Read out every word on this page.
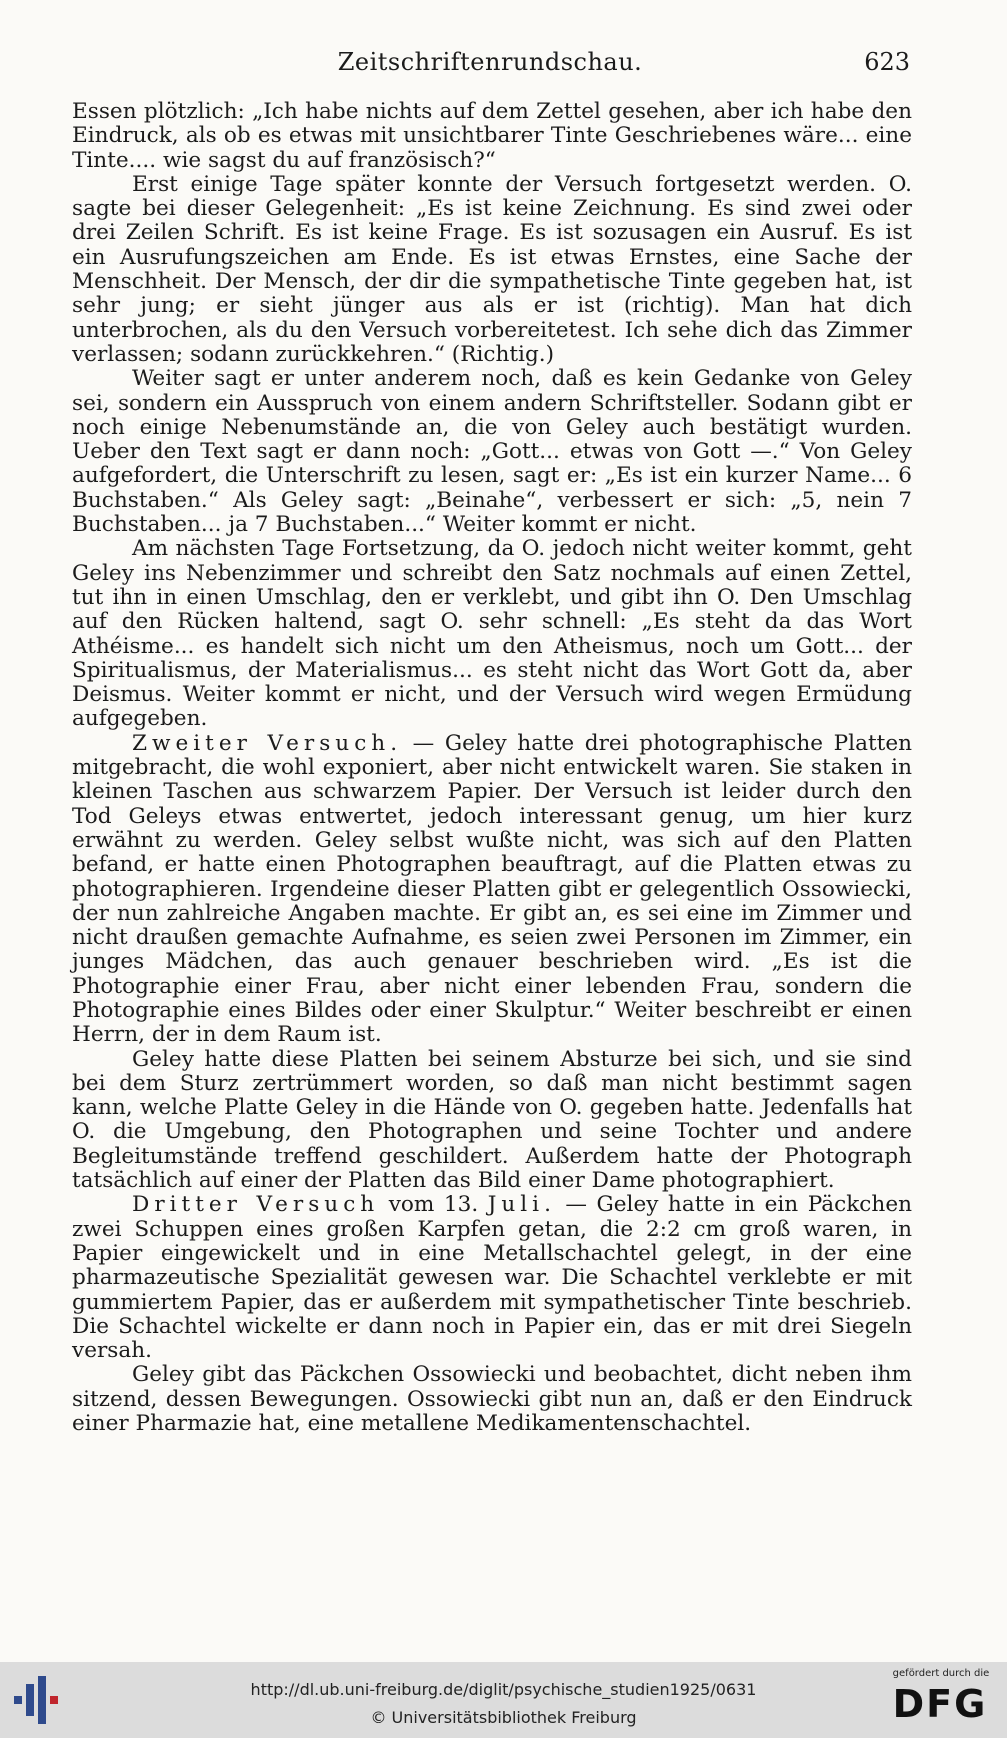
Zeitschriftenrundschau.	623

Essen plötzlich: „Ich habe nichts auf dem Zettel gesehen, aber ich habe den Eindruck, als ob es etwas mit unsichtbarer Tinte Geschriebenes wäre... eine Tinte.... wie sagst du auf französisch?“

Erst einige Tage später konnte der Versuch fortgesetzt werden. O. sagte bei dieser Gelegenheit: „Es ist keine Zeichnung. Es sind zwei oder drei Zeilen Schrift. Es ist keine Frage. Es ist sozusagen ein Ausruf. Es ist ein Ausrufungszeichen am Ende. Es ist etwas Ernstes, eine Sache der Menschheit. Der Mensch, der dir die sympathetische Tinte gegeben hat, ist sehr jung; er sieht jünger aus als er ist (richtig). Man hat dich unterbrochen, als du den Versuch vorbereitetest. Ich sehe dich das Zimmer verlassen; sodann zurückkehren.“ (Richtig.)

Weiter sagt er unter anderem noch, daß es kein Gedanke von Geley sei, sondern ein Ausspruch von einem andern Schriftsteller. Sodann gibt er noch einige Nebenumstände an, die von Geley auch bestätigt wurden. Ueber den Text sagt er dann noch: „Gott... etwas von Gott —.“ Von Geley aufgefordert, die Unterschrift zu lesen, sagt er: „Es ist ein kurzer Name... 6 Buchstaben.“ Als Geley sagt: „Beinahe“, verbessert er sich: „5, nein 7 Buchstaben... ja 7 Buchstaben...“ Weiter kommt er nicht.

Am nächsten Tage Fortsetzung, da O. jedoch nicht weiter kommt, geht Geley ins Nebenzimmer und schreibt den Satz nochmals auf einen Zettel, tut ihn in einen Umschlag, den er verklebt, und gibt ihn O. Den Umschlag auf den Rücken haltend, sagt O. sehr schnell: „Es steht da das Wort Athéisme... es handelt sich nicht um den Atheismus, noch um Gott... der Spiritualismus, der Materialismus... es steht nicht das Wort Gott da, aber Deismus. Weiter kommt er nicht, und der Versuch wird wegen Ermüdung aufgegeben.

Zweiter Versuch. — Geley hatte drei photographische Platten mitgebracht, die wohl exponiert, aber nicht entwickelt waren. Sie staken in kleinen Taschen aus schwarzem Papier. Der Versuch ist leider durch den Tod Geleys etwas entwertet, jedoch interessant genug, um hier kurz erwähnt zu werden. Geley selbst wußte nicht, was sich auf den Platten befand, er hatte einen Photographen beauftragt, auf die Platten etwas zu photographieren. Irgendeine dieser Platten gibt er gelegentlich Ossowiecki, der nun zahlreiche Angaben machte. Er gibt an, es sei eine im Zimmer und nicht draußen gemachte Aufnahme, es seien zwei Personen im Zimmer, ein junges Mädchen, das auch genauer beschrieben wird. „Es ist die Photographie einer Frau, aber nicht einer lebenden Frau, sondern die Photographie eines Bildes oder einer Skulptur.“ Weiter beschreibt er einen Herrn, der in dem Raum ist.

Geley hatte diese Platten bei seinem Absturze bei sich, und sie sind bei dem Sturz zertrümmert worden, so daß man nicht bestimmt sagen kann, welche Platte Geley in die Hände von O. gegeben hatte. Jedenfalls hat O. die Umgebung, den Photographen und seine Tochter und andere Begleitumstände treffend geschildert. Außerdem hatte der Photograph tatsächlich auf einer der Platten das Bild einer Dame photographiert.

Dritter Versuch vom 13. Juli. — Geley hatte in ein Päckchen zwei Schuppen eines großen Karpfen getan, die 2:2 cm groß waren, in Papier eingewickelt und in eine Metallschachtel gelegt, in der eine pharmazeutische Spezialität gewesen war. Die Schachtel verklebte er mit gummiertem Papier, das er außerdem mit sympathetischer Tinte beschrieb. Die Schachtel wickelte er dann noch in Papier ein, das er mit drei Siegeln versah.

Geley gibt das Päckchen Ossowiecki und beobachtet, dicht neben ihm sitzend, dessen Bewegungen. Ossowiecki gibt nun an, daß er den Eindruck einer Pharmazie hat, eine metallene Medikamentenschachtel.

http://dl.ub.uni-freiburg.de/diglit/psychische_studien1925/0631
© Universitätsbibliothek Freiburg
gefördert durch die
DFG
